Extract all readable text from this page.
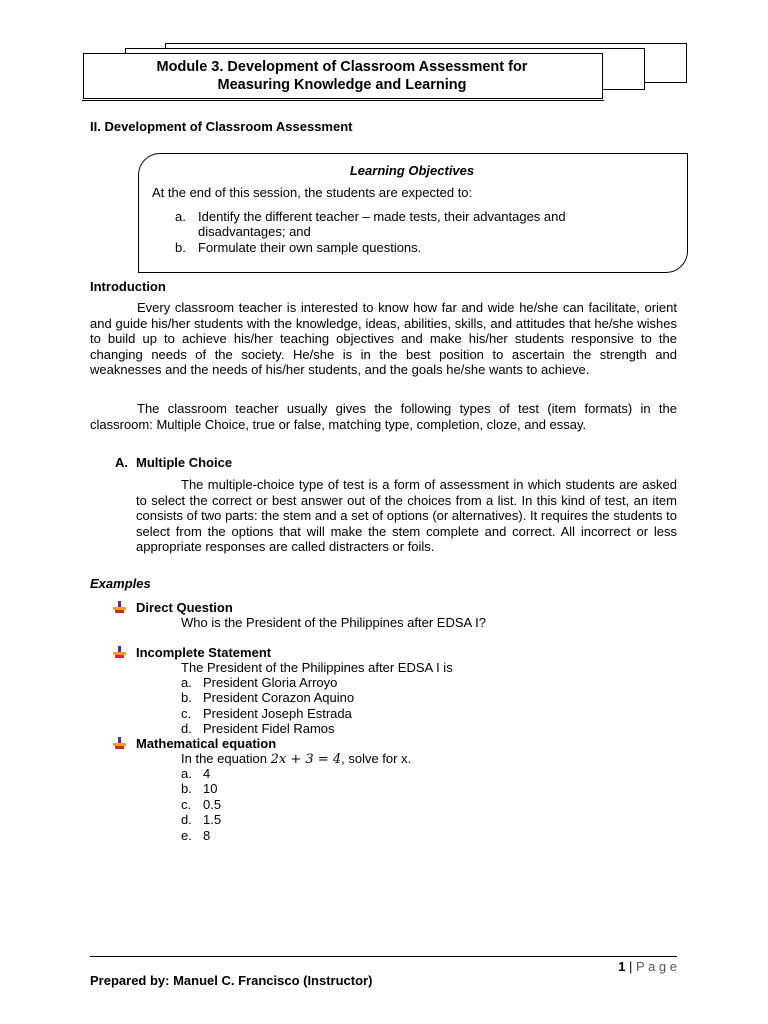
Module 3. Development of Classroom Assessment for
Measuring Knowledge and Learning
II. Development of Classroom Assessment
Learning Objectives
At the end of this session, the students are expected to:
a. Identify the different teacher – made tests, their advantages and
disadvantages; and
b. Formulate their own sample questions.
Introduction
Every classroom teacher is interested to know how far and wide he/she can facilitate, orient and guide his/her students with the knowledge, ideas, abilities, skills, and attitudes that he/she wishes to build up to achieve his/her teaching objectives and make his/her students responsive to the changing needs of the society. He/she is in the best position to ascertain the strength and weaknesses and the needs of his/her students, and the goals he/she wants to achieve.
The classroom teacher usually gives the following types of test (item formats) in the classroom: Multiple Choice, true or false, matching type, completion, cloze, and essay.
A. Multiple Choice
The multiple-choice type of test is a form of assessment in which students are asked to select the correct or best answer out of the choices from a list. In this kind of test, an item consists of two parts: the stem and a set of options (or alternatives). It requires the students to select from the options that will make the stem complete and correct. All incorrect or less appropriate responses are called distracters or foils.
Examples
Direct Question
Who is the President of the Philippines after EDSA I?
Incomplete Statement
The President of the Philippines after EDSA I is
a. President Gloria Arroyo
b. President Corazon Aquino
c. President Joseph Estrada
d. President Fidel Ramos
Mathematical equation
In the equation 2x + 3 = 4, solve for x.
a. 4
b. 10
c. 0.5
d. 1.5
e. 8
1 | P a g e
Prepared by: Manuel C. Francisco (Instructor)
